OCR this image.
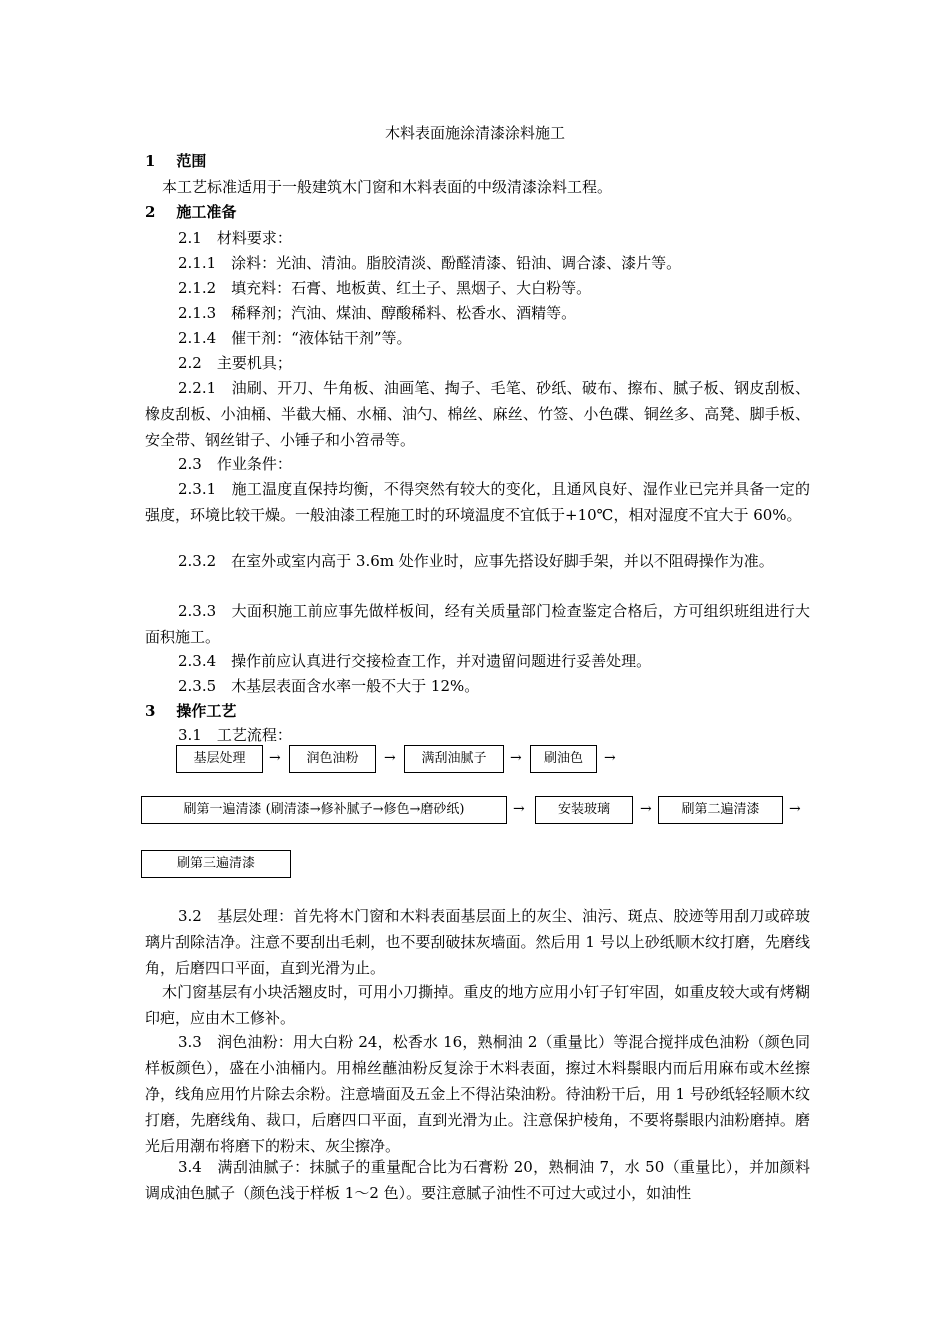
木料表面施涂清漆涂料施工
1 范围
本工艺标准适用于一般建筑木门窗和木料表面的中级清漆涂料工程。
2 施工准备
2.1　材料要求：
2.1.1　涂料：光油、清油。脂胶清淡、酚醛清漆、铅油、调合漆、漆片等。
2.1.2　填充料：石膏、地板黄、红土子、黑烟子、大白粉等。
2.1.3　稀释剂；汽油、煤油、醇酸稀料、松香水、酒精等。
2.1.4　催干剂：“液体钴干剂”等。
2.2　主要机具；
2.2.1　油刷、开刀、牛角板、油画笔、掏子、毛笔、砂纸、破布、擦布、腻子板、钢皮刮板、橡皮刮板、小油桶、半截大桶、水桶、油勺、棉丝、麻丝、竹签、小色碟、铜丝多、高凳、脚手板、安全带、钢丝钳子、小锤子和小笤帚等。
2.3　作业条件：
2.3.1　施工温度直保持均衡，不得突然有较大的变化，且通风良好、湿作业已完并具备一定的强度，环境比较干燥。一般油漆工程施工时的环境温度不宜低于+10℃，相对湿度不宜大于 60%。
2.3.2　在室外或室内高于 3.6m 处作业时，应事先搭设好脚手架，并以不阻碍操作为准。
2.3.3　大面积施工前应事先做样板间，经有关质量部门检查鉴定合格后，方可组织班组进行大面积施工。
2.3.4　操作前应认真进行交接检查工作，并对遗留问题进行妥善处理。
2.3.5　木基层表面含水率一般不大于 12%。
3 操作工艺
3.1　工艺流程：
基层处理	→	润色油粉	→	满刮油腻子	→	刷油色	→
刷第一遍清漆 (刷清漆→修补腻子→修色→磨砂纸)	→	安装玻璃	→	刷第二遍清漆	→
刷第三遍清漆
3.2　基层处理：首先将木门窗和木料表面基层面上的灰尘、油污、斑点、胶迹等用刮刀或碎玻璃片刮除洁净。注意不要刮出毛刺，也不要刮破抹灰墙面。然后用 1 号以上砂纸顺木纹打磨，先磨线角，后磨四口平面，直到光滑为止。
木门窗基层有小块活翘皮时，可用小刀撕掉。重皮的地方应用小钉子钉牢固，如重皮较大或有烤糊印疤，应由木工修补。
3.3　润色油粉：用大白粉 24，松香水 16，熟桐油 2（重量比）等混合搅拌成色油粉（颜色同样板颜色），盛在小油桶内。用棉丝蘸油粉反复涂于木料表面，擦过木料鬃眼内而后用麻布或木丝擦净，线角应用竹片除去余粉。注意墙面及五金上不得沾染油粉。待油粉干后，用 1 号砂纸轻轻顺木纹打磨，先磨线角、裁口，后磨四口平面，直到光滑为止。注意保护棱角，不要将鬃眼内油粉磨掉。磨光后用潮布将磨下的粉末、灰尘擦净。
3.4　满刮油腻子：抹腻子的重量配合比为石膏粉 20，熟桐油 7，水 50（重量比），并加颜料调成油色腻子（颜色浅于样板 1～2 色）。要注意腻子油性不可过大或过小，如油性
